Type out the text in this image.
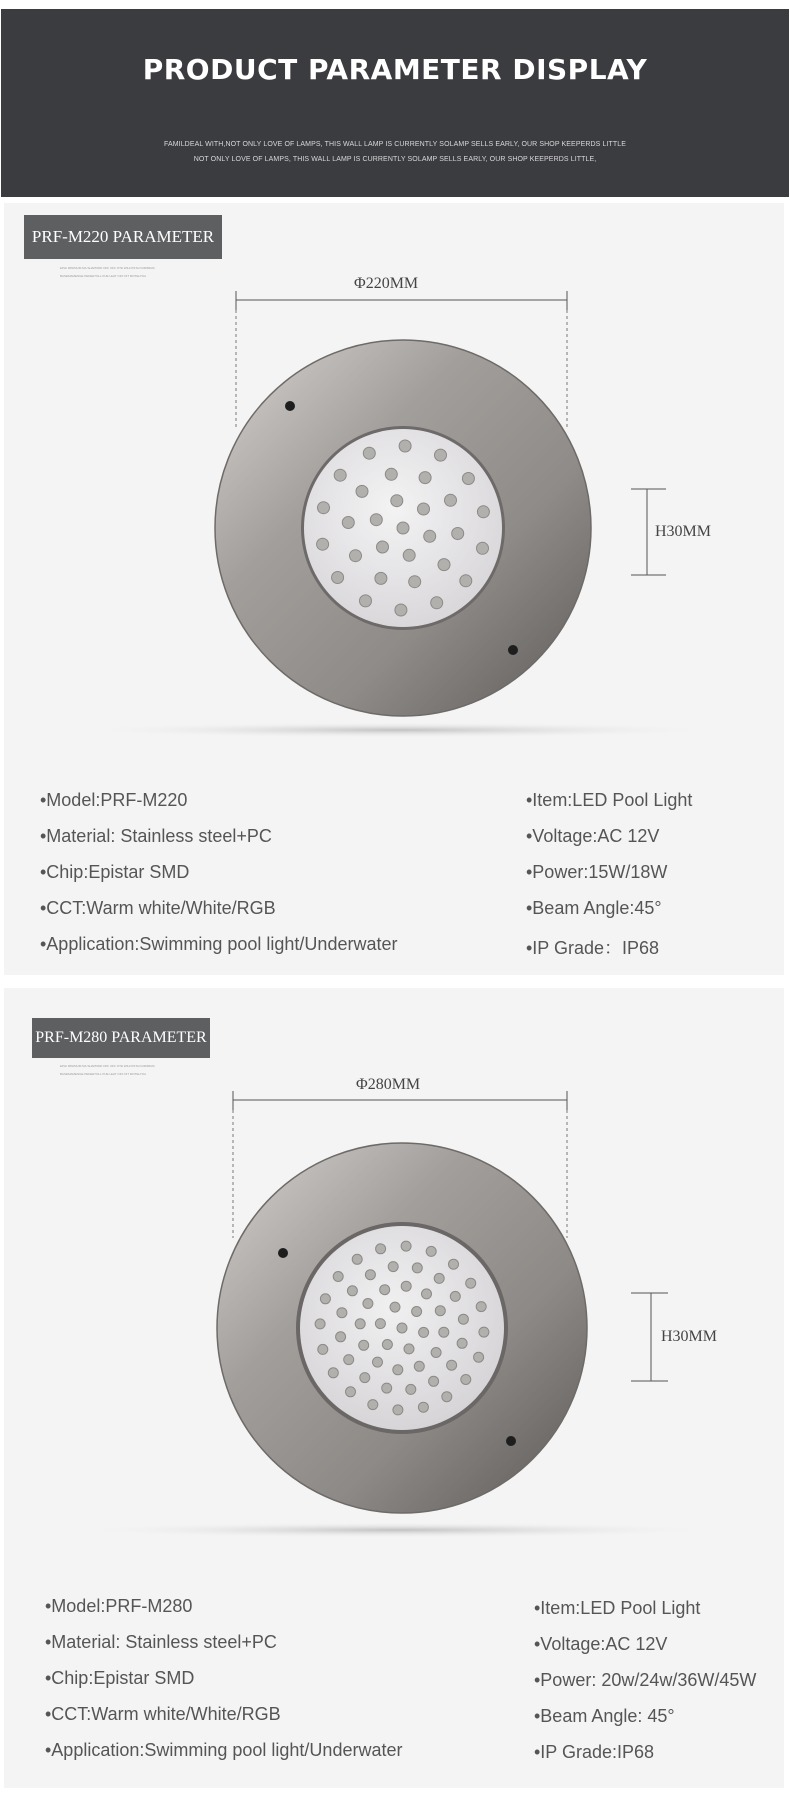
PRODUCT PARAMETER DISPLAY
FAMILDEAL WITH,NOT ONLY LOVE OF LAMPS, THIS WALL LAMP IS CURRENTLY SOLAMP SELLS EARLY, OUR SHOP KEEPERDS LITTLE
NOT ONLY LOVE OF LAMPS, THIS WALL LAMP IS CURRENTLY SOLAMP SELLS EARLY, OUR SHOP KEEPERDS LITTLE,
PRF-M220 PARAMETER
EPHI MINIMUM MA SHAPPARI OFF OFF OTE WILFOSTA DURIMIMA
BASEMAMENGE PEFEETOLL PUE LEAT OFF NIT MOTELTOA	Φ220MM
H30MM
•Model:PRF-M220
•Material: Stainless steel+PC
•Chip:Epistar SMD
•CCT:Warm white/White/RGB
•Application:Swimming pool light/Underwater
•Item:LED Pool Light
•Voltage:AC 12V
•Power:15W/18W
•Beam Angle:45°
•IP Grade：IP68
PRF-M280 PARAMETER
EPHI MINIMUM MA SHAPPARI OFF OFF OTE WILFOSTA DURIMIMA
BASEMAMENGE PEFEETOLL PUE LEAT OFF NIT MOTELTOA
Φ280MM
H30MM
•Model:PRF-M280
•Material: Stainless steel+PC
•Chip:Epistar SMD
•CCT:Warm white/White/RGB
•Application:Swimming pool light/Underwater
•Item:LED Pool Light
•Voltage:AC 12V
•Power: 20w/24w/36W/45W
•Beam Angle: 45°
•IP Grade:IP68
